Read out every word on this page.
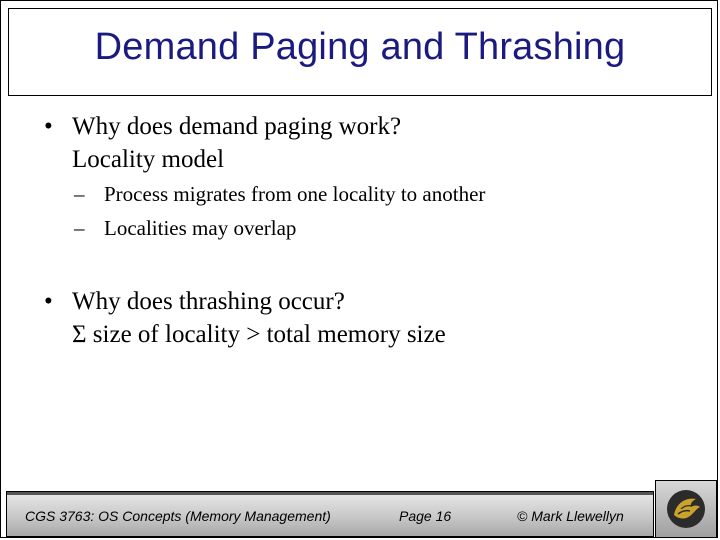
Demand Paging and Thrashing
• Why does demand paging work?
Locality model
– Process migrates from one locality to another
– Localities may overlap
• Why does thrashing occur?
Σ size of locality > total memory size
CGS 3763: OS Concepts (Memory Management)	Page 16	© Mark Llewellyn
